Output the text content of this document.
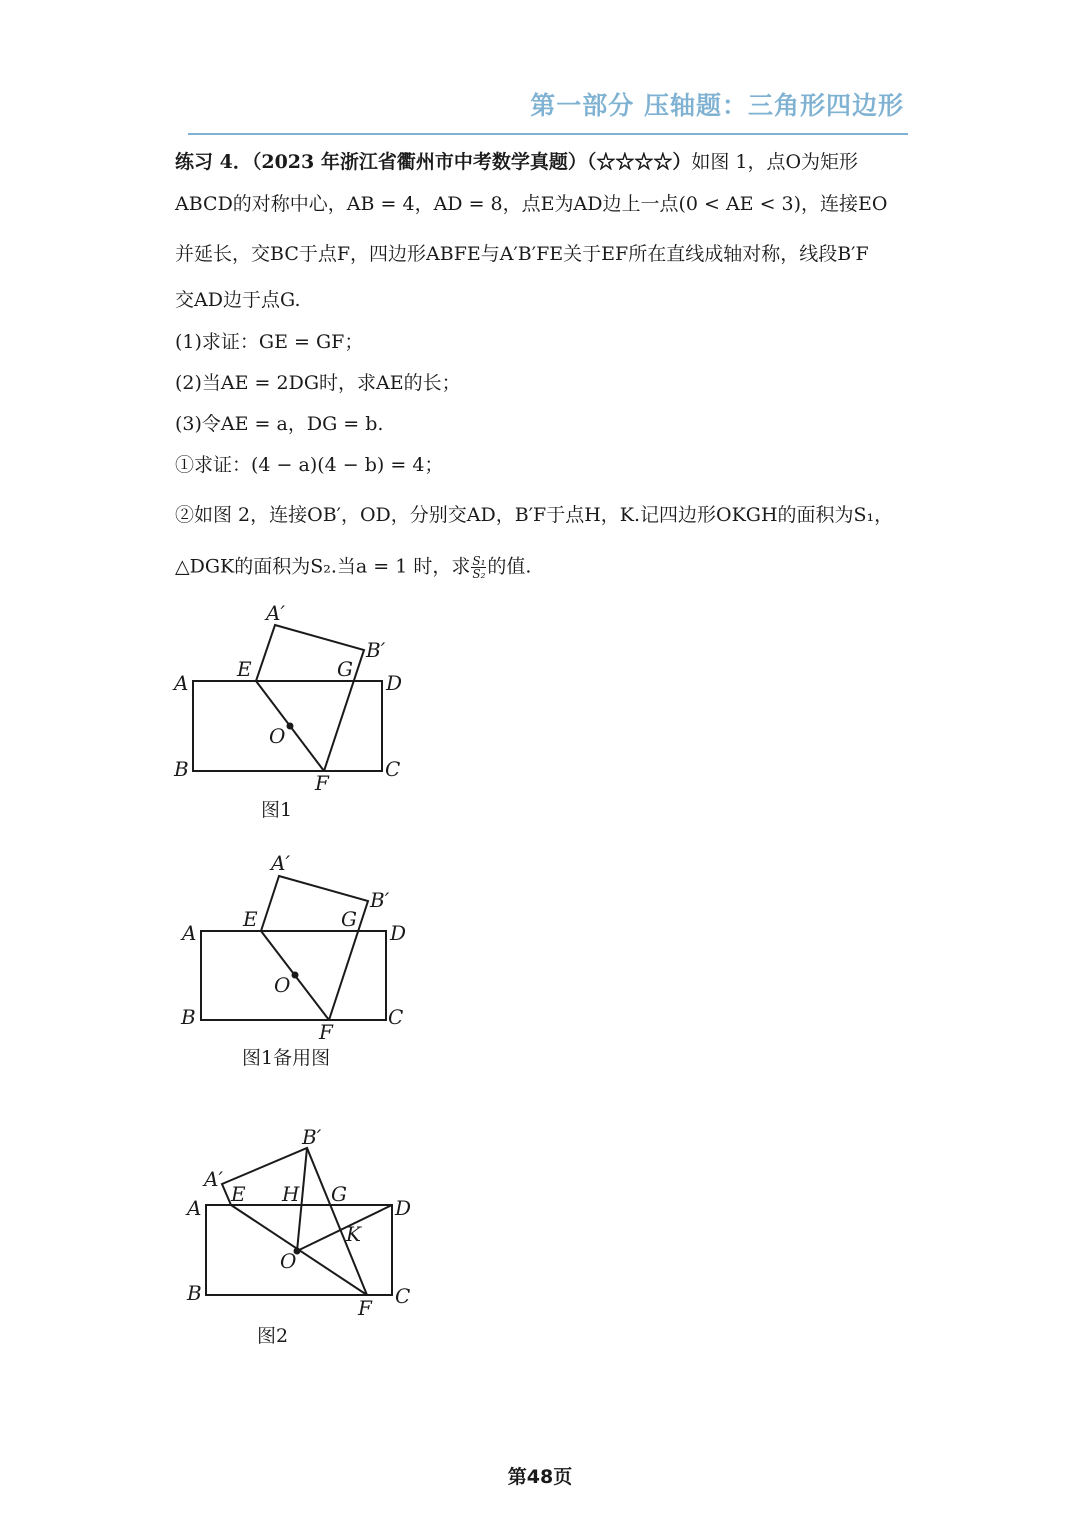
第一部分 压轴题：三角形四边形
练习 4．（2023 年浙江省衢州市中考数学真题）（☆☆☆☆）如图 1，点O为矩形
ABCD的对称中心，AB = 4，AD = 8，点E为AD边上一点(0 < AE < 3)，连接EO
并延长，交BC于点F，四边形ABFE与A′B′FE关于EF所在直线成轴对称，线段B′F
交AD边于点G.
(1)求证：GE = GF；
(2)当AE = 2DG时，求AE的长；
(3)令AE = a，DG = b.
①求证：(4 − a)(4 − b) = 4；
②如图 2，连接OB′，OD，分别交AD，B′F于点H，K.记四边形OKGH的面积为S₁，
△DGK的面积为S₂.当a = 1 时，求 $\frac{\text{S₁}}{\text{S₂}}$ 的值.
A′
B′
E	G
A	D
O
B	C
F
图1
A′
B′
E	G
A	D
O
B	C
F
图1备用图
B′
A′
E H G
A	D
K
O
B	C
F
图2
第48页
